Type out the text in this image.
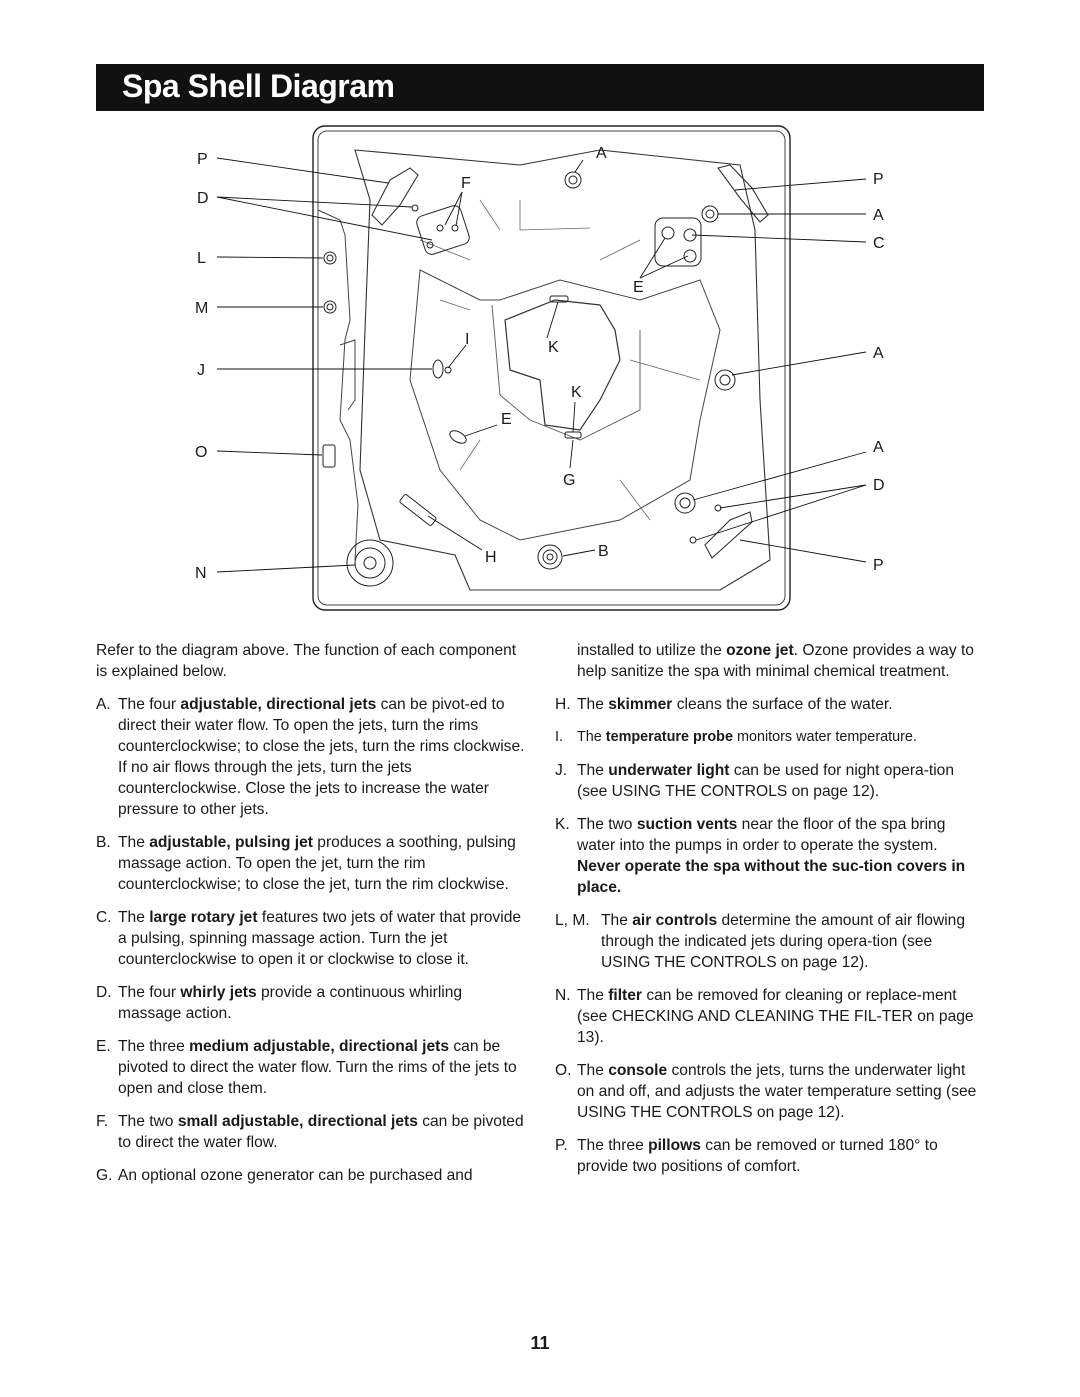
Spa Shell Diagram
P
D
L
M
J
O
N
P
A
C
A
A
D
P
A
F
E
I	K
K
E
G
H	B

Refer to the diagram above. The function of each component is explained below.

A. The four adjustable, directional jets can be pivot-ed to direct their water flow. To open the jets, turn the rims counterclockwise; to close the jets, turn the rims clockwise. If no air flows through the jets, turn the jets counterclockwise. Close the jets to increase the water pressure to other jets.
B. The adjustable, pulsing jet produces a soothing, pulsing massage action. To open the jet, turn the rim counterclockwise; to close the jet, turn the rim clockwise.
C. The large rotary jet features two jets of water that provide a pulsing, spinning massage action. Turn the jet counterclockwise to open it or clockwise to close it.
D. The four whirly jets provide a continuous whirling massage action.
E. The three medium adjustable, directional jets can be pivoted to direct the water flow. Turn the rims of the jets to open and close them.
F. The two small adjustable, directional jets can be pivoted to direct the water flow.
G. An optional ozone generator can be purchased and
installed to utilize the ozone jet. Ozone provides a way to help sanitize the spa with minimal chemical treatment.
H. The skimmer cleans the surface of the water.
I. The temperature probe monitors water temperature.
J. The underwater light can be used for night opera-tion (see USING THE CONTROLS on page 12).
K. The two suction vents near the floor of the spa bring water into the pumps in order to operate the system. Never operate the spa without the suc-tion covers in place.
L, M. The air controls determine the amount of air flowing through the indicated jets during opera-tion (see USING THE CONTROLS on page 12).
N. The filter can be removed for cleaning or replace-ment (see CHECKING AND CLEANING THE FIL-TER on page 13).
O. The console controls the jets, turns the underwater light on and off, and adjusts the water temperature setting (see USING THE CONTROLS on page 12).
P. The three pillows can be removed or turned 180° to provide two positions of comfort.
11
